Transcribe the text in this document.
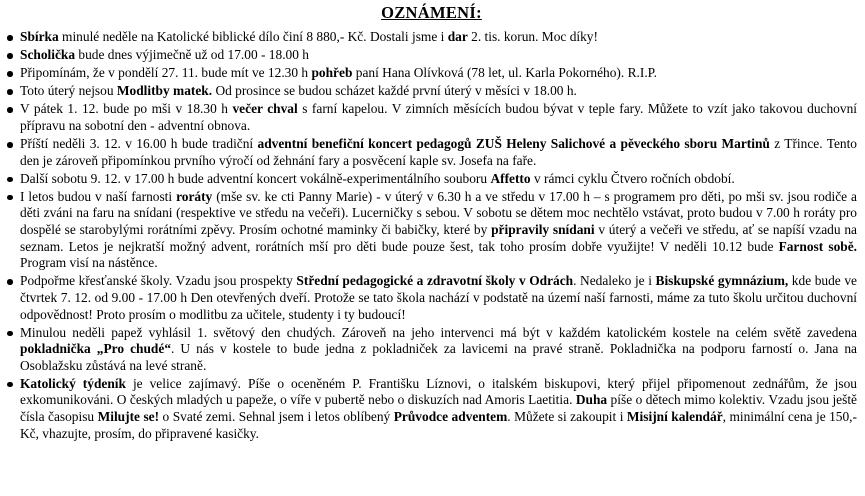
OZNÁMENÍ:
Sbírka minulé neděle na Katolické biblické dílo činí 8 880,- Kč. Dostali jsme i dar 2. tis. korun. Moc díky!
Scholička bude dnes výjimečně už od 17.00 - 18.00 h
Připomínám, že v pondělí 27. 11. bude mít ve 12.30 h pohřeb paní Hana Olívková (78 let, ul. Karla Pokorného). R.I.P.
Toto úterý nejsou Modlitby matek. Od prosince se budou scházet každé první úterý v měsíci v 18.00 h.
V pátek 1. 12. bude po mši v 18.30 h večer chval s farní kapelou. V zimních měsících budou bývat v teple fary. Můžete to vzít jako takovou duchovní přípravu na sobotní den - adventní obnova.
Příští neděli 3. 12. v 16.00 h bude tradiční adventní benefiční koncert pedagogů ZUŠ Heleny Salichové a pěveckého sboru Martinů z Třince. Tento den je zároveň připomínkou prvního výročí od žehnání fary a posvěcení kaple sv. Josefa na faře.
Další sobotu 9. 12. v 17.00 h bude adventní koncert vokálně-experimentálního souboru Affetto v rámci cyklu Čtvero ročních období.
I letos budou v naší farnosti roráty (mše sv. ke cti Panny Marie) - v úterý v 6.30 h a ve středu v 17.00 h – s programem pro děti, po mši sv. jsou rodiče a děti zváni na faru na snídani (respektive ve středu na večeři). Lucerničky s sebou. V sobotu se dětem moc nechtělo vstávat, proto budou v 7.00 h roráty pro dospělé se starobylými rorátními zpěvy. Prosím ochotné maminky či babičky, které by připravily snídani v úterý a večeři ve středu, ať se napíší vzadu na seznam. Letos je nejkratší možný advent, rorátních mší pro děti bude pouze šest, tak toho prosím dobře využijte! V neděli 10.12 bude Farnost sobě. Program visí na nástěnce.
Podpořme křesťanské školy. Vzadu jsou prospekty Střední pedagogické a zdravotní školy v Odrách. Nedaleko je i Biskupské gymnázium, kde bude ve čtvrtek 7. 12. od 9.00 - 17.00 h Den otevřených dveří. Protože se tato škola nachází v podstatě na území naší farnosti, máme za tuto školu určitou duchovní odpovědnost! Proto prosím o modlitbu za učitele, studenty i ty budoucí!
Minulou neděli papež vyhlásil 1. světový den chudých. Zároveň na jeho intervenci má být v každém katolickém kostele na celém světě zavedena pokladnička „Pro chudé“. U nás v kostele to bude jedna z pokladniček za lavicemi na pravé straně. Pokladnička na podporu farností o. Jana na Osoblažsku zůstává na levé straně.
Katolický týdeník je velice zajímavý. Píše o oceněném P. Františku Líznovi, o italském biskupovi, který přijel připomenout zednářům, že jsou exkomunikováni. O českých mladých u papeže, o víře v pubertě nebo o diskuzích nad Amoris Laetitia. Duha píše o dětech mimo kolektiv. Vzadu jsou ještě čísla časopisu Milujte se! o Svaté zemi. Sehnal jsem i letos oblíbený Průvodce adventem. Můžete si zakoupit i Misijní kalendář, minimální cena je 150,- Kč, vhazujte, prosím, do připravené kasičky.
